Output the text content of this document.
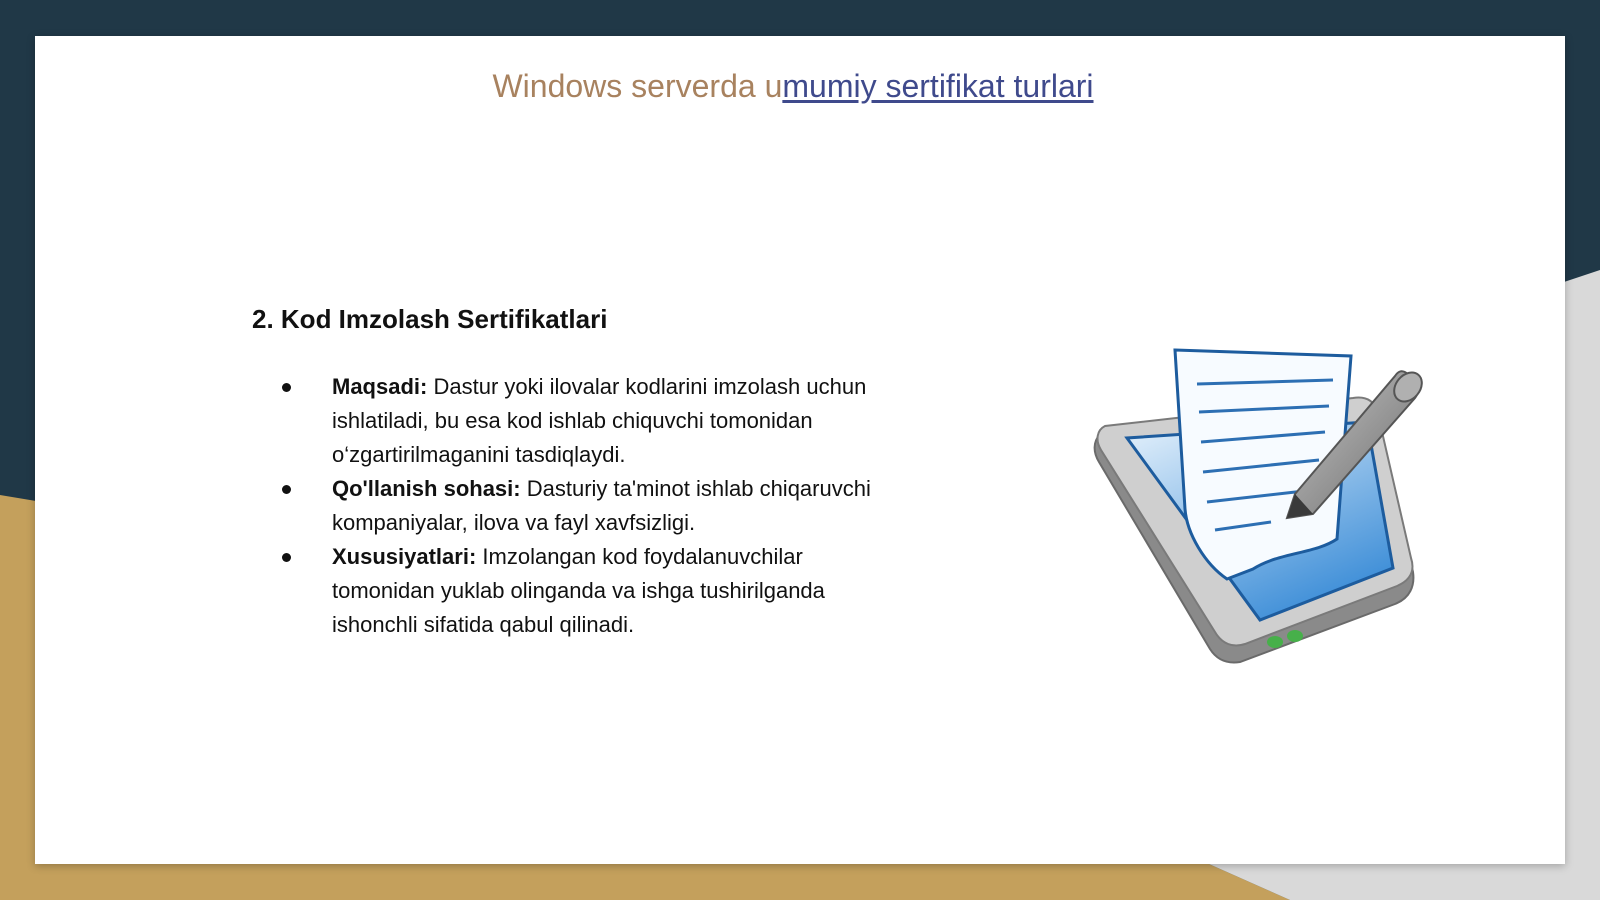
Windows serverda umumiy sertifikat turlari
2. Kod Imzolash Sertifikatlari
Maqsadi: Dastur yoki ilovalar kodlarini imzolash uchun ishlatiladi, bu esa kod ishlab chiquvchi tomonidan o‘zgartirilmaganini tasdiqlaydi.
Qo'llanish sohasi: Dasturiy ta'minot ishlab chiqaruvchi kompaniyalar, ilova va fayl xavfsizligi.
Xususiyatlari: Imzolangan kod foydalanuvchilar tomonidan yuklab olinganda va ishga tushirilganda ishonchli sifatida qabul qilinadi.
